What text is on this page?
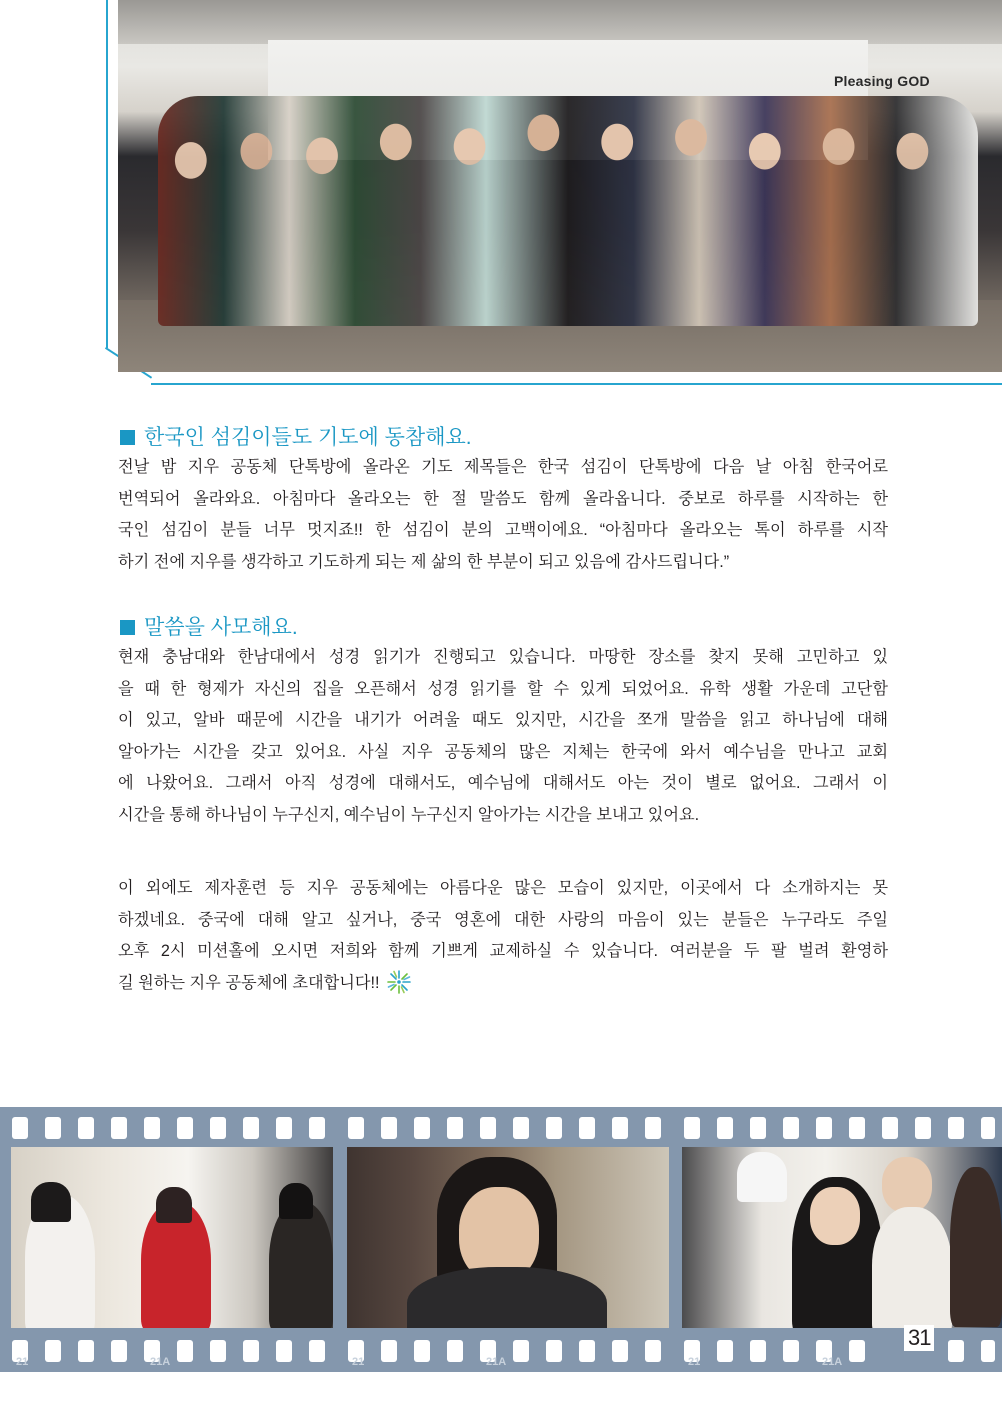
Pleasing GOD
한국인 섬김이들도 기도에 동참해요.

전날 밤 지우 공동체 단톡방에 올라온 기도 제목들은 한국 섬김이 단톡방에 다음 날 아침 한국어로
번역되어 올라와요. 아침마다 올라오는 한 절 말씀도 함께 올라옵니다. 중보로 하루를 시작하는 한
국인 섬김이 분들 너무 멋지죠!! 한 섬김이 분의 고백이에요. “아침마다 올라오는 톡이 하루를 시작
하기 전에 지우를 생각하고 기도하게 되는 제 삶의 한 부분이 되고 있음에 감사드립니다.”

말씀을 사모해요.

현재 충남대와 한남대에서 성경 읽기가 진행되고 있습니다. 마땅한 장소를 찾지 못해 고민하고 있
을 때 한 형제가 자신의 집을 오픈해서 성경 읽기를 할 수 있게 되었어요. 유학 생활 가운데 고단함
이 있고, 알바 때문에 시간을 내기가 어려울 때도 있지만, 시간을 쪼개 말씀을 읽고 하나님에 대해
알아가는 시간을 갖고 있어요. 사실 지우 공동체의 많은 지체는 한국에 와서 예수님을 만나고 교회
에 나왔어요. 그래서 아직 성경에 대해서도, 예수님에 대해서도 아는 것이 별로 없어요. 그래서 이
시간을 통해 하나님이 누구신지, 예수님이 누구신지 알아가는 시간을 보내고 있어요.

이 외에도 제자훈련 등 지우 공동체에는 아름다운 많은 모습이 있지만, 이곳에서 다 소개하지는 못
하겠네요. 중국에 대해 알고 싶거나, 중국 영혼에 대한 사랑의 마음이 있는 분들은 누구라도 주일
오후 2시 미션홀에 오시면 저희와 함께 기쁘게 교제하실 수 있습니다. 여러분을 두 팔 벌려 환영하
길 원하는 지우 공동체에 초대합니다!!

21	21A	21	21A	21	21A
31
